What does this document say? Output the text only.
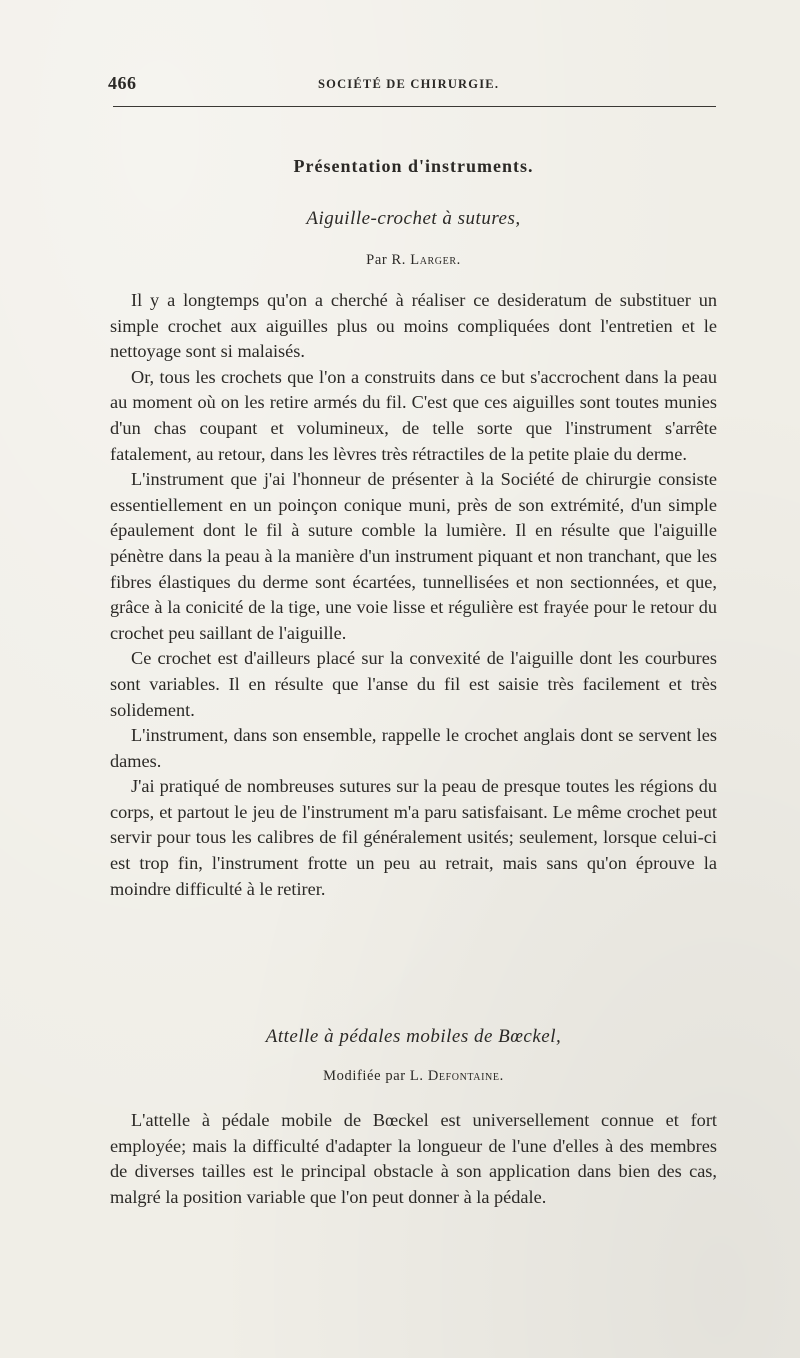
466	SOCIÉTÉ DE CHIRURGIE.
Présentation d'instruments.
Aiguille-crochet à sutures,
Par R. Larger.

Il y a longtemps qu'on a cherché à réaliser ce desideratum de substituer un simple crochet aux aiguilles plus ou moins compliquées dont l'entretien et le nettoyage sont si malaisés.

Or, tous les crochets que l'on a construits dans ce but s'accrochent dans la peau au moment où on les retire armés du fil. C'est que ces aiguilles sont toutes munies d'un chas coupant et volumineux, de telle sorte que l'instrument s'arrête fatalement, au retour, dans les lèvres très rétractiles de la petite plaie du derme.

L'instrument que j'ai l'honneur de présenter à la Société de chirurgie consiste essentiellement en un poinçon conique muni, près de son extrémité, d'un simple épaulement dont le fil à suture comble la lumière. Il en résulte que l'aiguille pénètre dans la peau à la manière d'un instrument piquant et non tranchant, que les fibres élastiques du derme sont écartées, tunnellisées et non sectionnées, et que, grâce à la conicité de la tige, une voie lisse et régulière est frayée pour le retour du crochet peu saillant de l'aiguille.

Ce crochet est d'ailleurs placé sur la convexité de l'aiguille dont les courbures sont variables. Il en résulte que l'anse du fil est saisie très facilement et très solidement.

L'instrument, dans son ensemble, rappelle le crochet anglais dont se servent les dames.

J'ai pratiqué de nombreuses sutures sur la peau de presque toutes les régions du corps, et partout le jeu de l'instrument m'a paru satisfaisant. Le même crochet peut servir pour tous les calibres de fil généralement usités; seulement, lorsque celui-ci est trop fin, l'instrument frotte un peu au retrait, mais sans qu'on éprouve la moindre difficulté à le retirer.

Attelle à pédales mobiles de Bœckel,
Modifiée par L. Defontaine.

L'attelle à pédale mobile de Bœckel est universellement connue et fort employée; mais la difficulté d'adapter la longueur de l'une d'elles à des membres de diverses tailles est le principal obstacle à son application dans bien des cas, malgré la position variable que l'on peut donner à la pédale.
